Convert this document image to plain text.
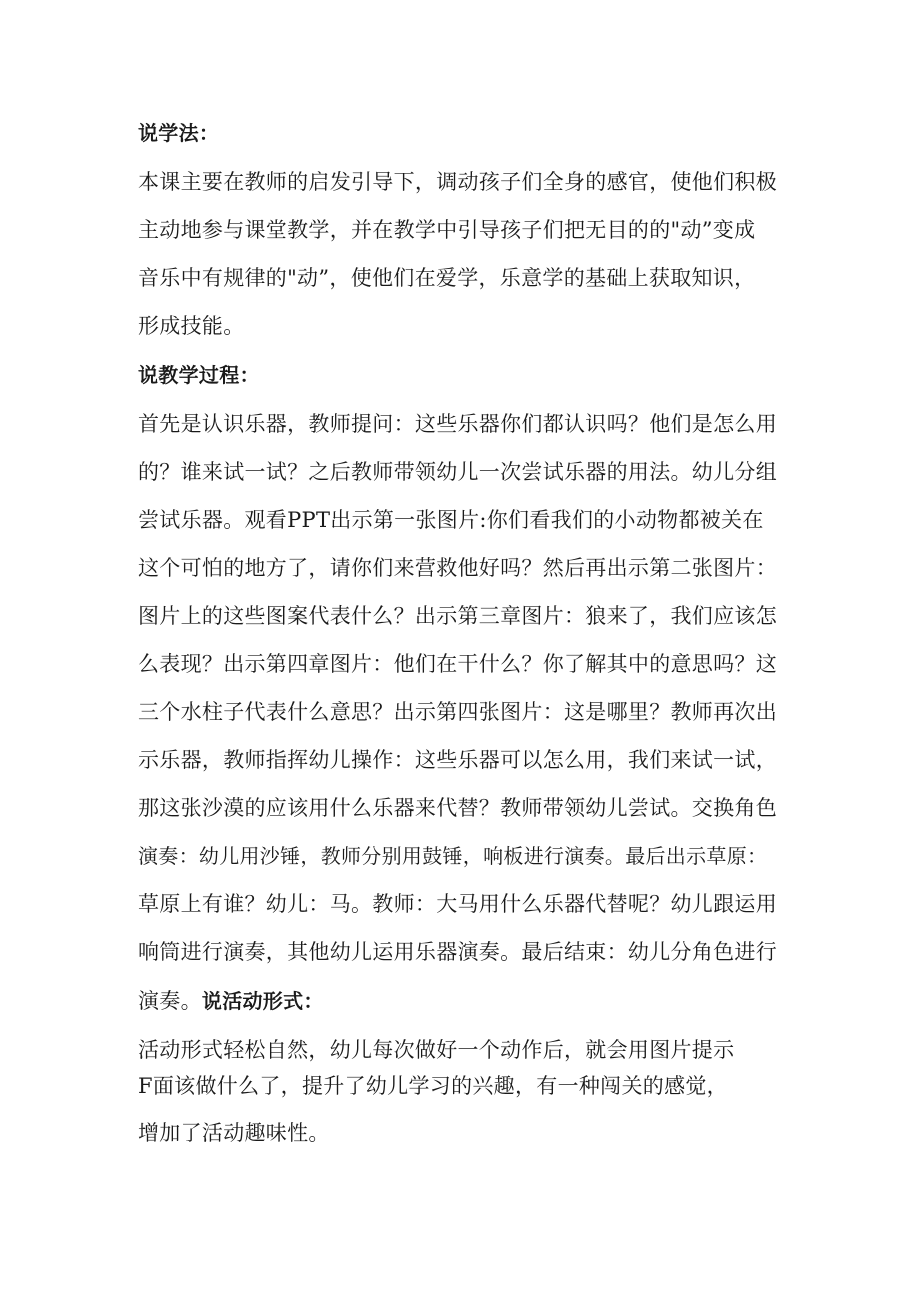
说学法：
本课主要在教师的启发引导下，调动孩子们全身的感官，使他们积极
主动地参与课堂教学，并在教学中引导孩子们把无目的的"动”变成
音乐中有规律的"动”，使他们在爱学，乐意学的基础上获取知识，
形成技能。
说教学过程：
首先是认识乐器，教师提问：这些乐器你们都认识吗？他们是怎么用
的？谁来试一试？之后教师带领幼儿一次尝试乐器的用法。幼儿分组
尝试乐器。观看PPT出示第一张图片:你们看我们的小动物都被关在
这个可怕的地方了，请你们来营救他好吗？然后再出示第二张图片：
图片上的这些图案代表什么？出示第三章图片：狼来了，我们应该怎
么表现？出示第四章图片：他们在干什么？你了解其中的意思吗？这
三个水柱子代表什么意思？出示第四张图片：这是哪里？教师再次出
示乐器，教师指挥幼儿操作：这些乐器可以怎么用，我们来试一试，
那这张沙漠的应该用什么乐器来代替？教师带领幼儿尝试。交换角色
演奏：幼儿用沙锤，教师分别用鼓锤，响板进行演奏。最后出示草原：
草原上有谁？幼儿：马。教师：大马用什么乐器代替呢？幼儿跟运用
响筒进行演奏，其他幼儿运用乐器演奏。最后结束：幼儿分角色进行
演奏。说活动形式：
活动形式轻松自然，幼儿每次做好一个动作后，就会用图片提示
F面该做什么了，提升了幼儿学习的兴趣，有一种闯关的感觉，
增加了活动趣味性。
